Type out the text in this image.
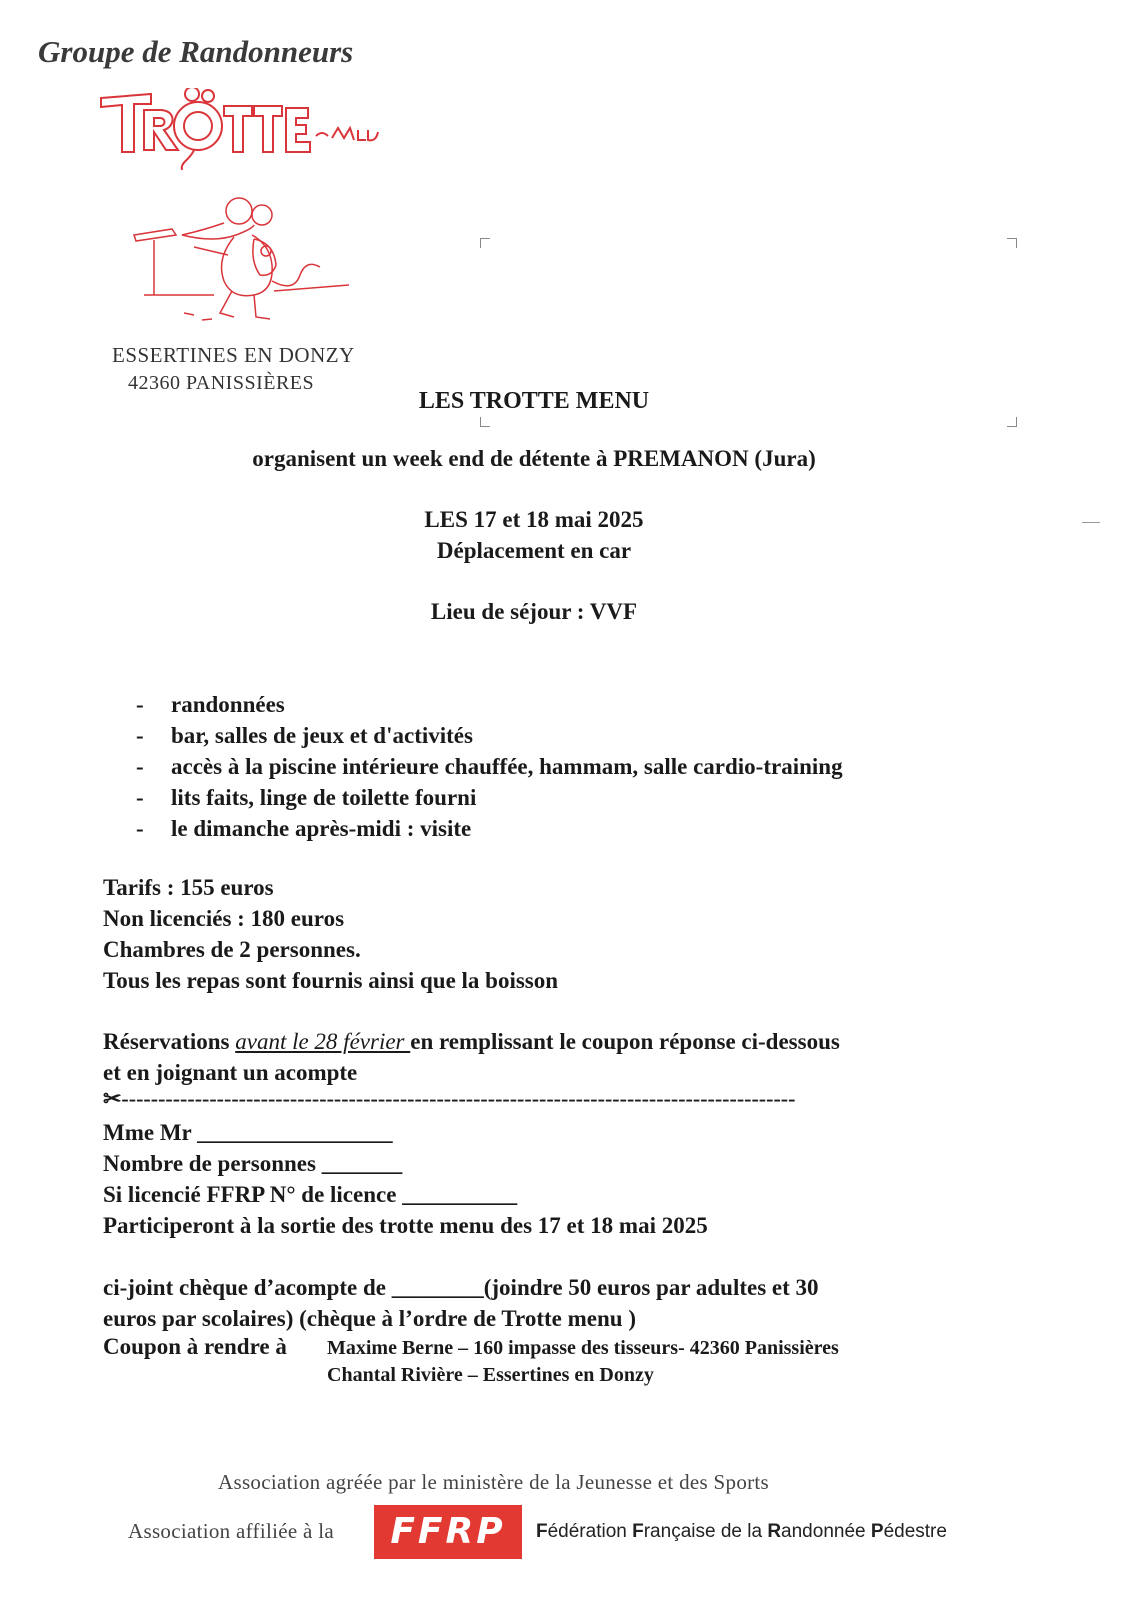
Groupe de Randonneurs
ESSERTINES EN DONZY
42360 PANISSIÈRES
LES TROTTE MENU
organisent un week end de détente à PREMANON (Jura)
LES 17 et 18 mai 2025
Déplacement en car
Lieu de séjour : VVF
- randonnées
- bar, salles de jeux et d'activités
- accès à la piscine intérieure chauffée, hammam, salle cardio-training
- lits faits, linge de toilette fourni
- le dimanche après-midi : visite
Tarifs : 155 euros
Non licenciés : 180 euros
Chambres de 2 personnes.
Tous les repas sont fournis ainsi que la boisson
Réservations avant le 28 février en remplissant le coupon réponse ci-dessous
et en joignant un acompte
✂--------------------------------------------------------------------------------------------
Mme Mr _________________
Nombre de personnes _______
Si licencié FFRP N° de licence __________
Participeront à la sortie des trotte menu des 17 et 18 mai 2025
ci-joint chèque d’acompte de ________(joindre 50 euros par adultes et 30
euros par scolaires) (chèque à l’ordre de Trotte menu )
Coupon à rendre à Maxime Berne – 160 impasse des tisseurs- 42360 Panissières
Chantal Rivière – Essertines en Donzy
Association agréée par le ministère de la Jeunesse et des Sports
Association affiliée à la	FFRP	Fédération Française de la Randonnée Pédestre
